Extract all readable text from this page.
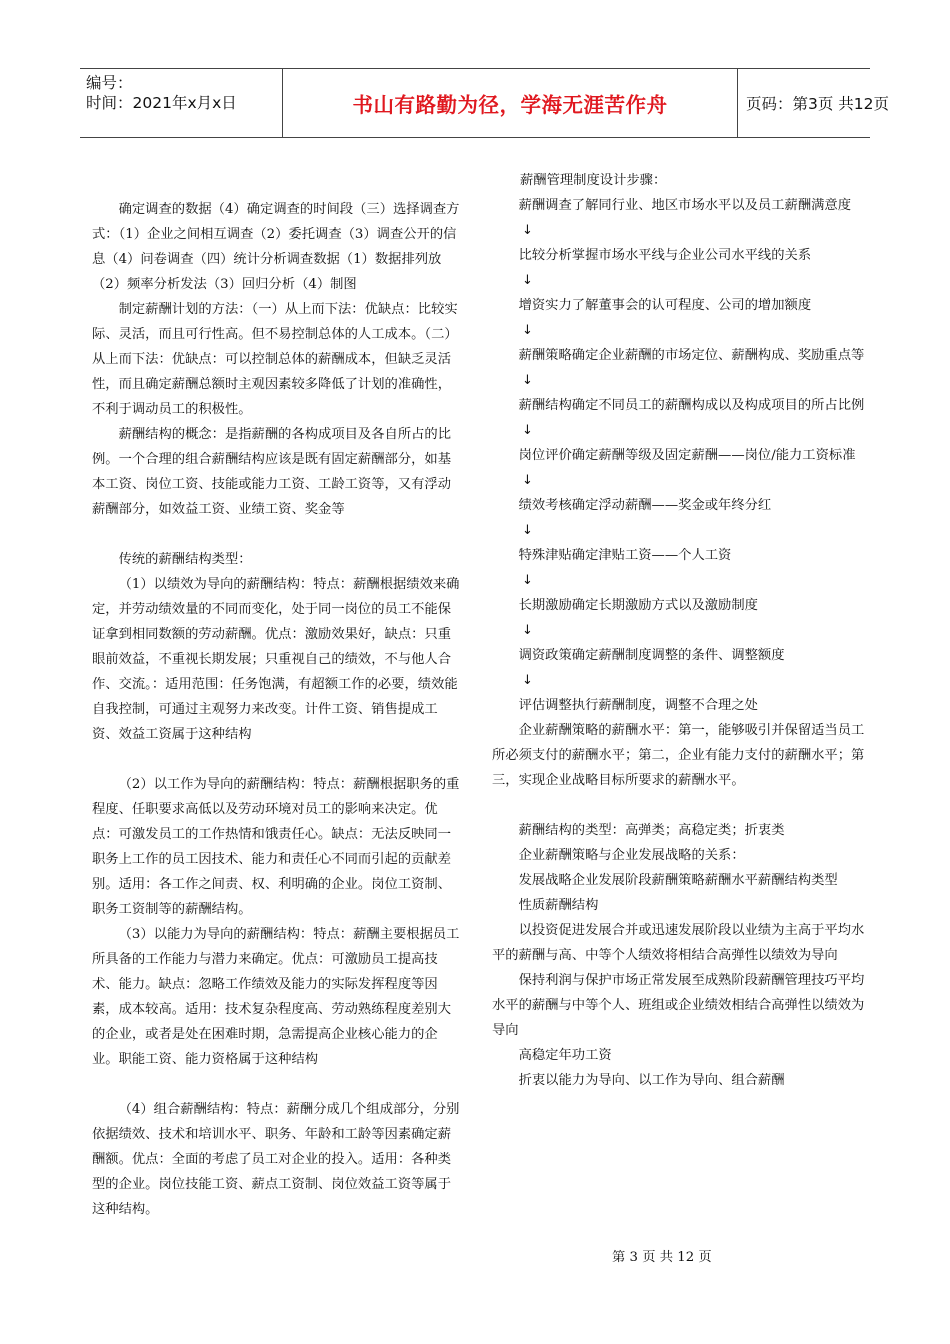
编号：
时间：2021年x月x日	书山有路勤为径，学海无涯苦作舟	页码：第3页 共12页

确定调查的数据（4）确定调查的时间段（三）选择调查方式：（1）企业之间相互调查（2）委托调查（3）调查公开的信息（4）问卷调查（四）统计分析调查数据（1）数据排列放（2）频率分析发法（3）回归分析（4）制图

制定薪酬计划的方法：（一）从上而下法：优缺点：比较实际、灵活，而且可行性高。但不易控制总体的人工成本。（二）从上而下法：优缺点：可以控制总体的薪酬成本，但缺乏灵活性，而且确定薪酬总额时主观因素较多降低了计划的准确性，不利于调动员工的积极性。

薪酬结构的概念：是指薪酬的各构成项目及各自所占的比例。一个合理的组合薪酬结构应该是既有固定薪酬部分，如基本工资、岗位工资、技能或能力工资、工龄工资等，又有浮动薪酬部分，如效益工资、业绩工资、奖金等

传统的薪酬结构类型：

（1）以绩效为导向的薪酬结构：特点：薪酬根据绩效来确定，并劳动绩效量的不同而变化，处于同一岗位的员工不能保证拿到相同数额的劳动薪酬。优点：激励效果好，缺点：只重眼前效益，不重视长期发展；只重视自己的绩效，不与他人合作、交流。：适用范围：任务饱满，有超额工作的必要，绩效能自我控制，可通过主观努力来改变。计件工资、销售提成工资、效益工资属于这种结构

（2）以工作为导向的薪酬结构：特点：薪酬根据职务的重程度、任职要求高低以及劳动环境对员工的影响来决定。优点：可激发员工的工作热情和饿责任心。缺点：无法反映同一职务上工作的员工因技术、能力和责任心不同而引起的贡献差别。适用：各工作之间责、权、利明确的企业。岗位工资制、职务工资制等的薪酬结构。

（3）以能力为导向的薪酬结构：特点：薪酬主要根据员工所具备的工作能力与潜力来确定。优点：可激励员工提高技术、能力。缺点：忽略工作绩效及能力的实际发挥程度等因素，成本较高。适用：技术复杂程度高、劳动熟练程度差别大的企业，或者是处在困难时期，急需提高企业核心能力的企业。职能工资、能力资格属于这种结构

（4）组合薪酬结构：特点：薪酬分成几个组成部分，分别依据绩效、技术和培训水平、职务、年龄和工龄等因素确定薪酬额。优点：全面的考虑了员工对企业的投入。适用：各种类型的企业。岗位技能工资、薪点工资制、岗位效益工资等属于这种结构。

薪酬管理制度设计步骤：

薪酬调查了解同行业、地区市场水平以及员工薪酬满意度

↓

比较分析掌握市场水平线与企业公司水平线的关系

↓

增资实力了解董事会的认可程度、公司的增加额度

↓

薪酬策略确定企业薪酬的市场定位、薪酬构成、奖励重点等

↓

薪酬结构确定不同员工的薪酬构成以及构成项目的所占比例

↓

岗位评价确定薪酬等级及固定薪酬——岗位/能力工资标准

↓

绩效考核确定浮动薪酬——奖金或年终分红

↓

特殊津贴确定津贴工资——个人工资

↓

长期激励确定长期激励方式以及激励制度

↓

调资政策确定薪酬制度调整的条件、调整额度

↓

评估调整执行薪酬制度，调整不合理之处

企业薪酬策略的薪酬水平：第一，能够吸引并保留适当员工所必须支付的薪酬水平；第二，企业有能力支付的薪酬水平；第三，实现企业战略目标所要求的薪酬水平。

薪酬结构的类型：高弹类；高稳定类；折衷类

企业薪酬策略与企业发展战略的关系：

发展战略企业发展阶段薪酬策略薪酬水平薪酬结构类型

性质薪酬结构

以投资促进发展合并或迅速发展阶段以业绩为主高于平均水平的薪酬与高、中等个人绩效将相结合高弹性以绩效为导向

保持利润与保护市场正常发展至成熟阶段薪酬管理技巧平均水平的薪酬与中等个人、班组或企业绩效相结合高弹性以绩效为导向

高稳定年功工资

折衷以能力为导向、以工作为导向、组合薪酬

第 3 页 共 12 页
